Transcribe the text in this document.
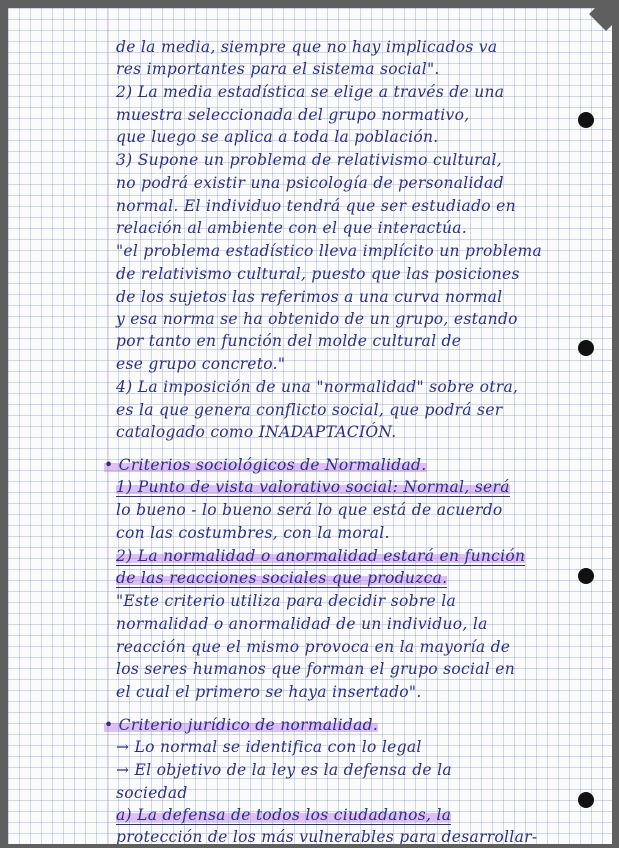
de la media, siempre que no hay implicados va
res importantes para el sistema social".
2) La media estadística se elige a través de una
muestra seleccionada del grupo normativo,
que luego se aplica a toda la población.
3) Supone un problema de relativismo cultural,
no podrá existir una psicología de personalidad
normal. El individuo tendrá que ser estudiado en
relación al ambiente con el que interactúa.
"el problema estadístico lleva implícito un problema
de relativismo cultural, puesto que las posiciones
de los sujetos las referimos a una curva normal
y esa norma se ha obtenido de un grupo, estando
por tanto en función del molde cultural de
ese grupo concreto."
4) La imposición de una "normalidad" sobre otra,
es la que genera conflicto social, que podrá ser
catalogado como INADAPTACIÓN.
• Criterios sociológicos de Normalidad.
1) Punto de vista valorativo social: Normal, será
lo bueno - lo bueno será lo que está de acuerdo
con las costumbres, con la moral.
2) La normalidad o anormalidad estará en función
de las reacciones sociales que produzca.
"Este criterio utiliza para decidir sobre la
normalidad o anormalidad de un individuo, la
reacción que el mismo provoca en la mayoría de
los seres humanos que forman el grupo social en
el cual el primero se haya insertado".
• Criterio jurídico de normalidad.
→ Lo normal se identifica con lo legal
→ El objetivo de la ley es la defensa de la
sociedad
a) La defensa de todos los ciudadanos, la
protección de los más vulnerables para desarrollar-
